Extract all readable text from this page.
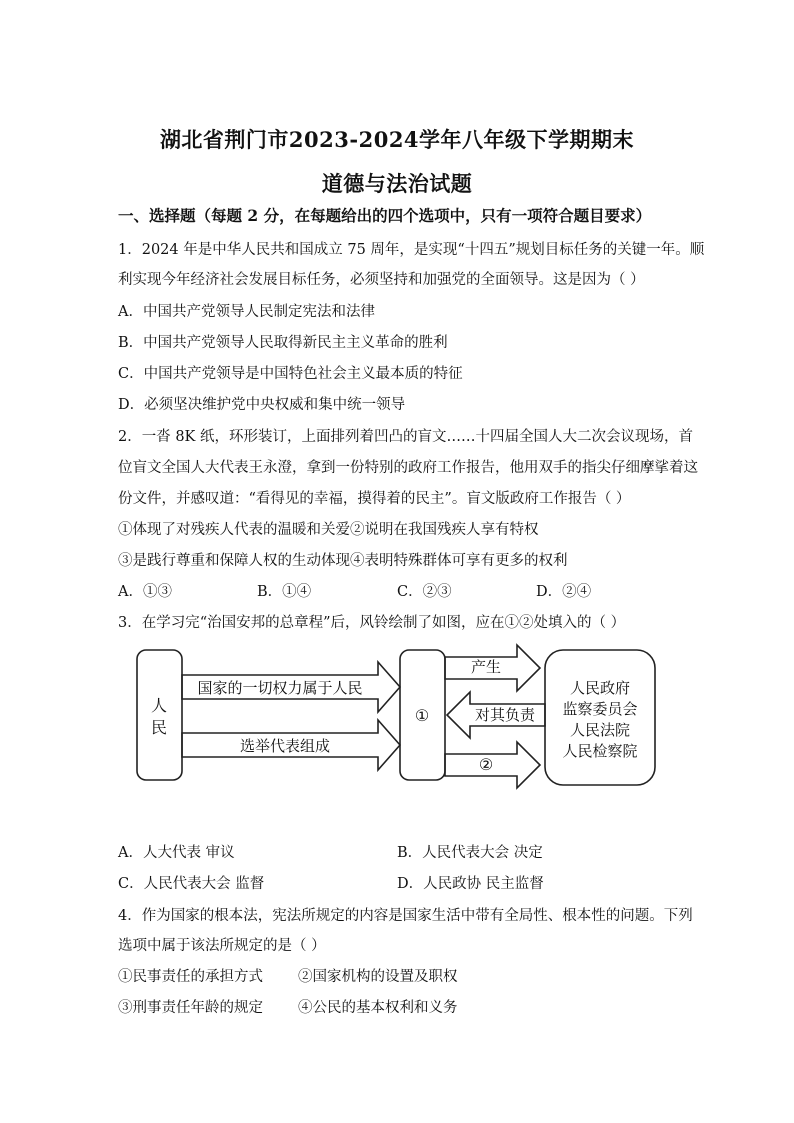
湖北省荆门市2023-2024学年八年级下学期期末
道德与法治试题
一、选择题（每题 2 分，在每题给出的四个选项中，只有一项符合题目要求）
1．2024 年是中华人民共和国成立 75 周年，是实现“十四五”规划目标任务的关键一年。顺
利实现今年经济社会发展目标任务，必须坚持和加强党的全面领导。这是因为（ ）
A．中国共产党领导人民制定宪法和法律
B．中国共产党领导人民取得新民主主义革命的胜利
C．中国共产党领导是中国特色社会主义最本质的特征
D．必须坚决维护党中央权威和集中统一领导
2．一沓 8K 纸，环形装订，上面排列着凹凸的盲文……十四届全国人大二次会议现场，首
位盲文全国人大代表王永澄，拿到一份特别的政府工作报告，他用双手的指尖仔细摩挲着这
份文件，并感叹道：“看得见的幸福，摸得着的民主”。盲文版政府工作报告（ ）
①体现了对残疾人代表的温暖和关爱②说明在我国残疾人享有特权
③是践行尊重和保障人权的生动体现④表明特殊群体可享有更多的权利
A．①③	B．①④	C．②③	D．②④
3．在学习完“治国安邦的总章程”后，风铃绘制了如图，应在①②处填入的（ ）
人
民
国家的一切权力属于人民
选举代表组成
①
产生
对其负责
②
人民政府
监察委员会
人民法院
人民检察院
A．人大代表 审议	B．人民代表大会 决定
C．人民代表大会 监督	D．人民政协 民主监督
4．作为国家的根本法，宪法所规定的内容是国家生活中带有全局性、根本性的问题。下列
选项中属于该法所规定的是（ ）
①民事责任的承担方式 ②国家机构的设置及职权
③刑事责任年龄的规定 ④公民的基本权利和义务
